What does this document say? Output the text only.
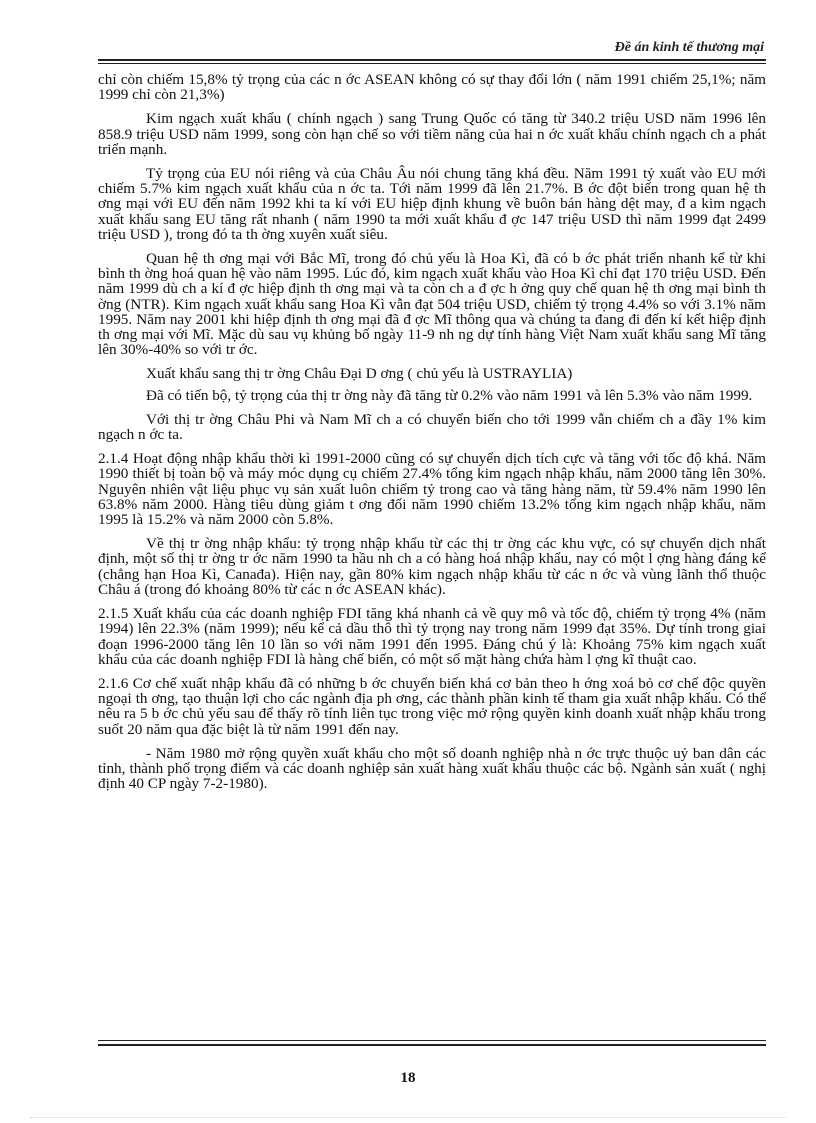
Đề án kinh tế thương mại

chỉ còn chiếm 15,8% tỷ trọng của các n ớc ASEAN không có sự thay đổi lớn ( năm 1991 chiếm 25,1%; năm 1999 chỉ còn 21,3%)

Kim ngạch xuất khẩu ( chính ngạch ) sang Trung Quốc có tăng từ 340.2 triệu USD năm 1996 lên 858.9 triệu USD năm 1999, song còn hạn chế so với tiềm năng của hai n ớc xuất khẩu chính ngạch ch a phát triển mạnh.

Tỷ trọng của EU nói riêng và của Châu Âu nói chung tăng khá đều. Năm 1991 tỷ xuất vào EU mới chiếm 5.7% kim ngạch xuất khẩu của n ớc ta. Tới năm 1999 đã lên 21.7%. B ớc đột biến trong quan hệ th ơng mại với EU đến năm 1992 khi ta kí với EU hiệp định khung về buôn bán hàng dệt may, đ a kim ngạch xuất khẩu sang EU tăng rất nhanh ( năm 1990 ta mới xuất khẩu đ ợc 147 triệu USD thì năm 1999 đạt 2499 triệu USD ), trong đó ta th ờng xuyên xuất siêu.

Quan hệ th ơng mại với Bắc Mĩ, trong đó chủ yếu là Hoa Kì, đã có b ớc phát triển nhanh kể từ khi bình th ờng hoá quan hệ vào năm 1995. Lúc đó, kim ngạch xuất khẩu vào Hoa Kì chỉ đạt 170 triệu USD. Đến năm 1999 dù ch a kí đ ợc hiệp định th ơng mại và ta còn ch a đ ợc h ởng quy chế quan hệ th ơng mại bình th ờng (NTR). Kim ngạch xuất khẩu sang Hoa Kì vẫn đạt 504 triệu USD, chiếm tỷ trọng 4.4% so với 3.1% năm 1995. Năm nay 2001 khi hiệp định th ơng mại đã đ ợc Mĩ thông qua và chúng ta đang đi đến kí kết hiệp định th ơng mại với Mĩ. Mặc dù sau vụ khủng bố ngày 11-9 nh ng dự tính hàng Việt Nam xuất khẩu sang Mĩ tăng lên 30%-40% so với tr ớc.

Xuất khẩu sang thị tr ờng Châu Đại D ơng ( chủ yếu là USTRAYLIA)

Đã có tiến bộ, tỷ trọng của thị tr ờng này đã tăng từ 0.2% vào năm 1991 và lên 5.3% vào năm 1999.

Với thị tr ờng Châu Phi và Nam Mĩ ch a có chuyển biến cho tới 1999 vẫn chiếm ch a đầy 1% kim ngạch n ớc ta.

2.1.4 Hoạt động nhập khẩu thời kì 1991-2000 cũng có sự chuyển dịch tích cực và tăng với tốc độ khá. Năm 1990 thiết bị toàn bộ và máy móc dụng cụ chiếm 27.4% tổng kim ngạch nhập khẩu, năm 2000 tăng lên 30%. Nguyên nhiên vật liệu phục vụ sản xuất luôn chiếm tỷ trong cao và tăng hàng năm, từ 59.4% năm 1990 lên 63.8% năm 2000. Hàng tiêu dùng giảm t ơng đối năm 1990 chiếm 13.2% tổng kim ngạch nhập khẩu, năm 1995 là 15.2% và năm 2000 còn 5.8%.

Về thị tr ờng nhập khẩu: tỷ trọng nhập khẩu từ các thị tr ờng các khu vực, có sự chuyển dịch nhất định, một số thị tr ờng tr ớc năm 1990 ta hầu nh ch a có hàng hoá nhập khẩu, nay có một l ợng hàng đáng kể (chẳng hạn Hoa Kì, Canađa). Hiện nay, gần 80% kim ngạch nhập khẩu từ các n ớc và vùng lãnh thổ thuộc Châu á (trong đó khoảng 80% từ các n ớc ASEAN khác).

2.1.5 Xuất khẩu của các doanh nghiệp FDI tăng khá nhanh cả về quy mô và tốc độ, chiếm tỷ trọng 4% (năm 1994) lên 22.3% (năm 1999); nếu kể cả dầu thô thì tỷ trọng nay trong năm 1999 đạt 35%. Dự tính trong giai đoạn 1996-2000 tăng lên 10 lần so với năm 1991 đến 1995. Đáng chú ý là: Khoảng 75% kim ngạch xuất khẩu của các doanh nghiệp FDI là hàng chế biến, có một số mặt hàng chứa hàm l ợng kĩ thuật cao.

2.1.6 Cơ chế xuất nhập khẩu đã có những b ớc chuyển biến khá cơ bản theo h ớng xoá bỏ cơ chế độc quyền ngoại th ơng, tạo thuận lợi cho các ngành địa ph ơng, các thành phần kinh tế tham gia xuất nhập khẩu. Có thể nêu ra 5 b ớc chủ yếu sau để thấy rõ tính liên tục trong việc mở rộng quyền kinh doanh xuất nhập khẩu trong suốt 20 năm qua đặc biệt là từ năm 1991 đến nay.

- Năm 1980 mở rộng quyền xuất khẩu cho một số doanh nghiệp nhà n ớc trực thuộc uỷ ban dân các tỉnh, thành phố trọng điểm và các doanh nghiệp sản xuất hàng xuất khẩu thuộc các bộ. Ngành sản xuất ( nghị định 40 CP ngày 7-2-1980).

18
